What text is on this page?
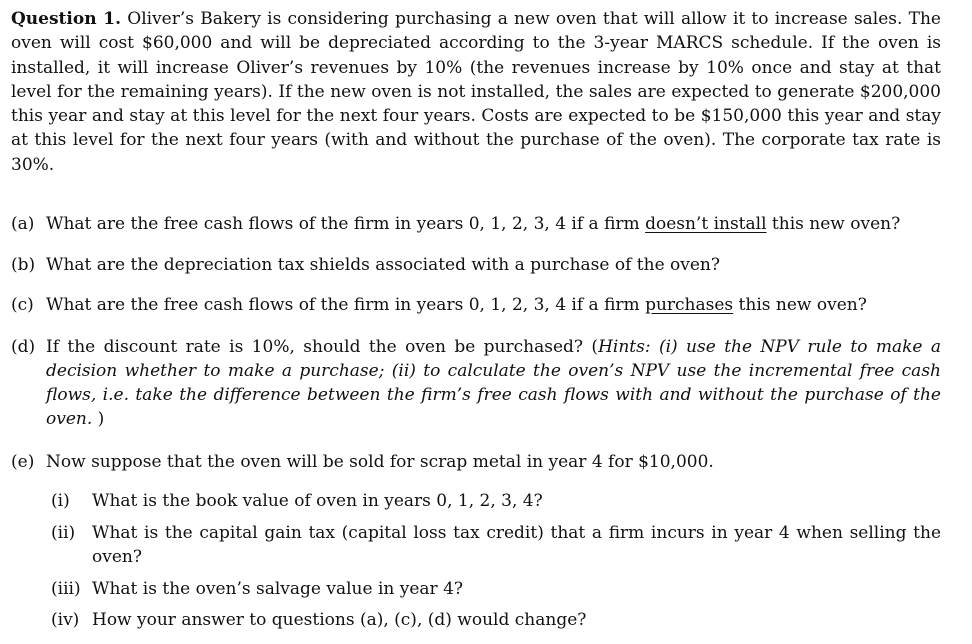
Question 1. Oliver’s Bakery is considering purchasing a new oven that will allow it to increase sales. The oven will cost $60,000 and will be depreciated according to the 3-year MARCS schedule. If the oven is installed, it will increase Oliver’s revenues by 10% (the revenues increase by 10% once and stay at that level for the remaining years). If the new oven is not installed, the sales are expected to generate $200,000 this year and stay at this level for the next four years. Costs are expected to be $150,000 this year and stay at this level for the next four years (with and without the purchase of the oven). The corporate tax rate is 30%.
(a) What are the free cash flows of the firm in years 0, 1, 2, 3, 4 if a firm doesn’t install this new oven?
(b) What are the depreciation tax shields associated with a purchase of the oven?
(c) What are the free cash flows of the firm in years 0, 1, 2, 3, 4 if a firm purchases this new oven?
(d) If the discount rate is 10%, should the oven be purchased? (Hints: (i) use the NPV rule to make a decision whether to make a purchase; (ii) to calculate the oven’s NPV use the incremental free cash flows, i.e. take the difference between the firm’s free cash flows with and without the purchase of the oven. )
(e) Now suppose that the oven will be sold for scrap metal in year 4 for $10,000.
(i) What is the book value of oven in years 0, 1, 2, 3, 4?
(ii) What is the capital gain tax (capital loss tax credit) that a firm incurs in year 4 when selling the oven?
(iii) What is the oven’s salvage value in year 4?
(iv) How your answer to questions (a), (c), (d) would change?
